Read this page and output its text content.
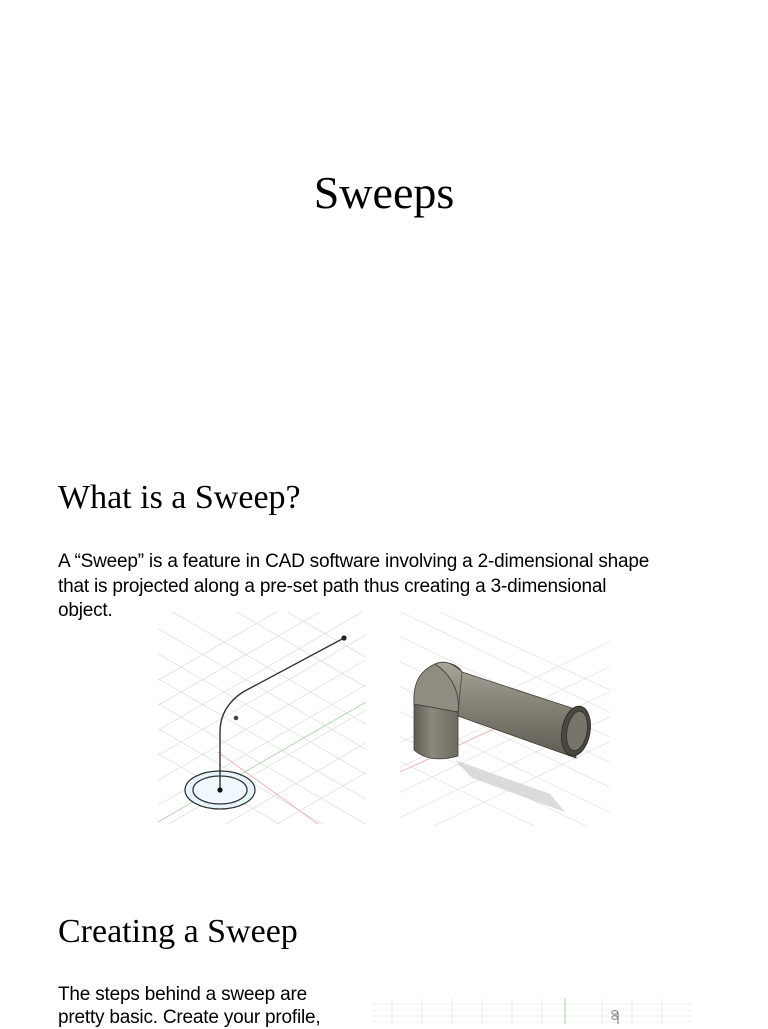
Sweeps
What is a Sweep?
A “Sweep” is a feature in CAD software involving a 2-dimensional shape
that is projected along a pre-set path thus creating a 3-dimensional
object.
Creating a Sweep
The steps behind a sweep are
pretty basic. Create your profile,	00
